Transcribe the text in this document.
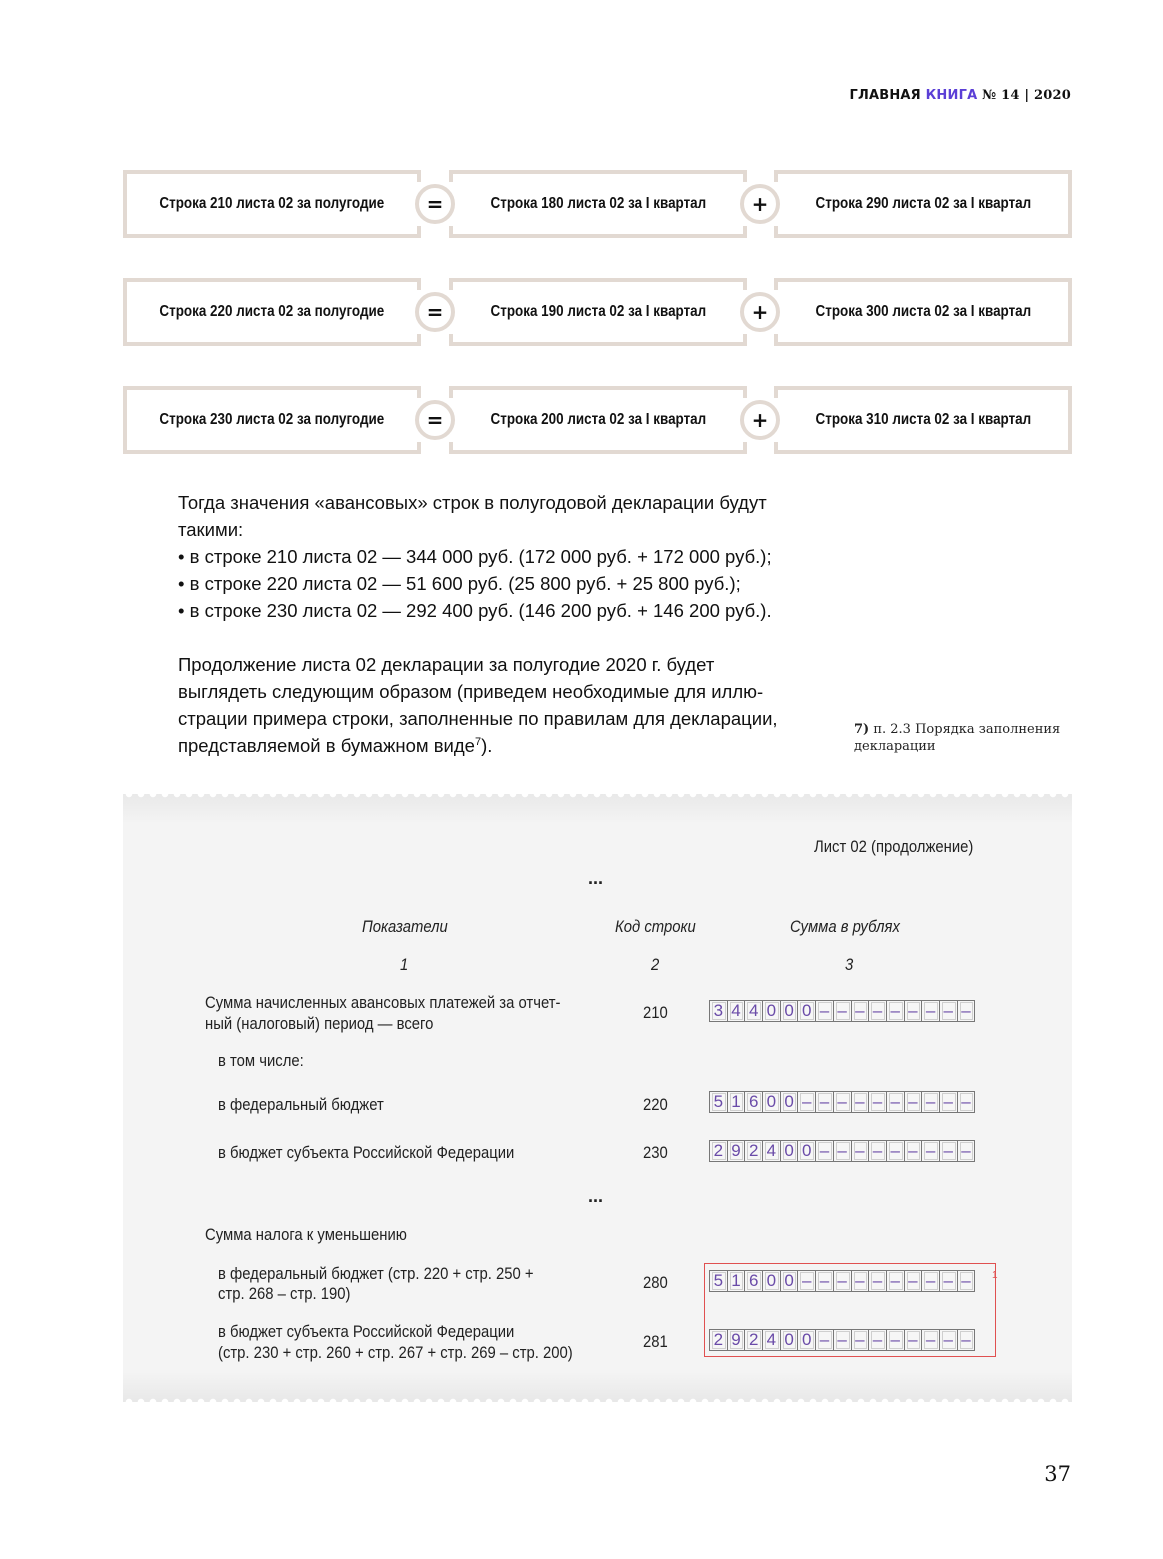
ГЛАВНАЯ КНИГА № 14 | 2020
Строка 210 листа 02 за полугодие	Строка 180 листа 02 за I квартал	Строка 290 листа 02 за I квартал
=	+
Строка 220 листа 02 за полугодие	Строка 190 листа 02 за I квартал	Строка 300 листа 02 за I квартал
=	+
Строка 230 листа 02 за полугодие	Строка 200 листа 02 за I квартал	Строка 310 листа 02 за I квартал
=	+

Тогда значения «авансовых» строк в полугодовой декларации будут такими:

• в строке 210 листа 02 — 344 000 руб. (172 000 руб. + 172 000 руб.);

• в строке 220 листа 02 — 51 600 руб. (25 800 руб. + 25 800 руб.);

• в строке 230 листа 02 — 292 400 руб. (146 200 руб. + 146 200 руб.).

Продолжение листа 02 декларации за полугодие 2020 г. будет

выглядеть следующим образом (приведем необходимые для иллю-

страции примера строки, заполненные по правилам для декларации,

представляемой в бумажном виде$^7$).

7) п. 2.3 Порядка заполнения декларации
Лист 02 (продолжение)
...
Показатели	Код строки	Сумма в рублях
1	2	3
Сумма начисленных авансовых платежей за отчет-
ный (налоговый) период — всего
210	3 4 4 0 0 0 – – – – – – – – –
в том числе:
в федеральный бюджет	220	5 1 6 0 0 – – – – – – – – – –
в бюджет субъекта Российской Федерации	230	2 9 2 4 0 0 – – – – – – – – –
...
Сумма налога к уменьшению
в федеральный бюджет (стр. 220 + стр. 250 +
стр. 268 – стр. 190)
280	5 1 6 0 0 – – – – – – – – – –
в бюджет субъекта Российской Федерации
(стр. 230 + стр. 260 + стр. 267 + стр. 269 – стр. 200)
281	2 9 2 4 0 0 – – – – – – – – –
1
37
